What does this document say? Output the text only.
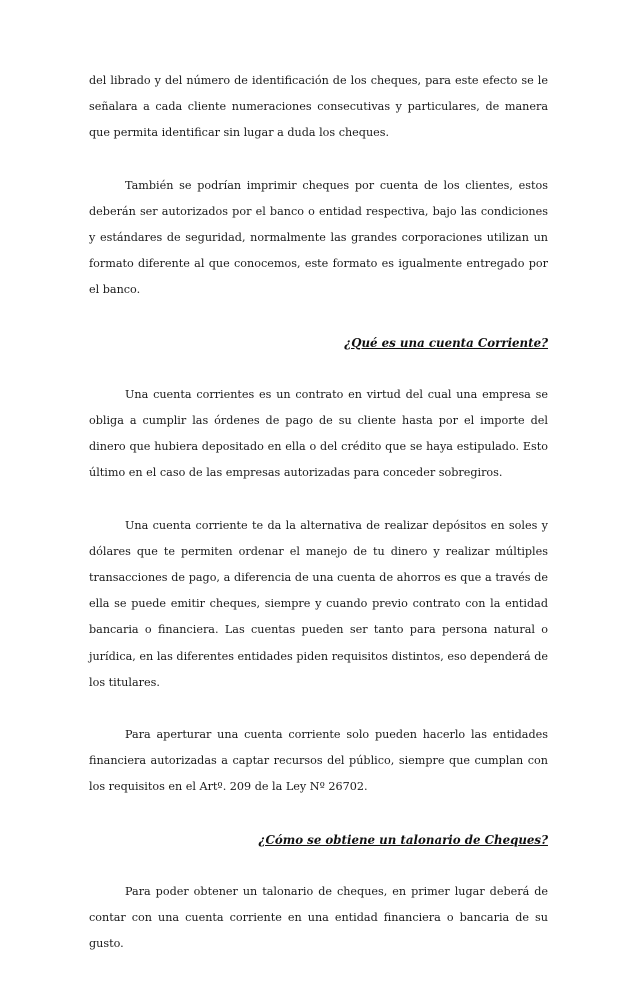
del librado y del número de identificación de los cheques, para este efecto se le señalara a cada cliente numeraciones consecutivas y particulares, de manera que permita identificar sin lugar a duda los cheques.

También se podrían imprimir cheques por cuenta de los clientes, estos deberán ser autorizados por el banco o entidad respectiva, bajo las condiciones y estándares de seguridad, normalmente las grandes corporaciones utilizan un formato diferente al que conocemos, este formato es igualmente entregado por el banco.

¿Qué es una cuenta Corriente?

Una cuenta corrientes es un contrato en virtud del cual una empresa se obliga a cumplir las órdenes de pago de su cliente hasta por el importe del dinero que hubiera depositado en ella o del crédito que se haya estipulado. Esto último en el caso de las empresas autorizadas para conceder sobregiros.

Una cuenta corriente te da la alternativa de realizar depósitos en soles y dólares que te permiten ordenar el manejo de tu dinero y realizar múltiples transacciones de pago, a diferencia de una cuenta de ahorros es que a través de ella se puede emitir cheques, siempre y cuando previo contrato con la entidad bancaria o financiera. Las cuentas pueden ser tanto para persona natural o jurídica, en las diferentes entidades piden requisitos distintos, eso dependerá de los titulares.

Para aperturar una cuenta corriente solo pueden hacerlo las entidades financiera autorizadas a captar recursos del público, siempre que cumplan con los requisitos en el Artº. 209 de la Ley Nº 26702.

¿Cómo se obtiene un talonario de Cheques?

Para poder obtener un talonario de cheques, en primer lugar deberá de contar con una cuenta corriente en una entidad financiera o bancaria de su gusto.
